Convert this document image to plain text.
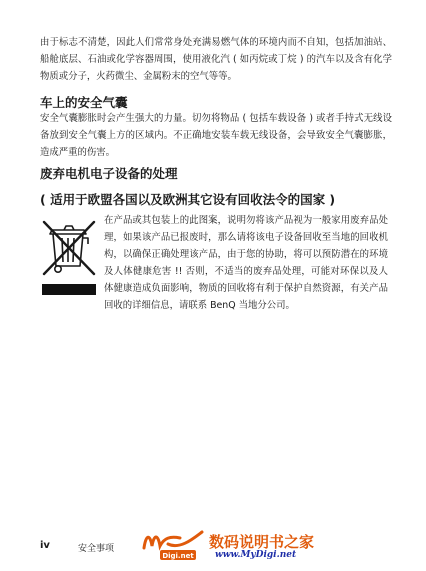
由于标志不清楚，因此人们常常身处充满易燃气体的环境内而不自知，包括加油站、船舱底层、石油或化学容器周围，使用液化汽 ( 如丙烷或丁烷 ) 的汽车以及含有化学物质或分子，火药微尘、金属粉末的空气等等。
车上的安全气囊
安全气囊膨胀时会产生强大的力量。切勿将物品 ( 包括车载设备 ) 或者手持式无线设备放到安全气囊上方的区域内。不正确地安装车载无线设备，会导致安全气囊膨胀，造成严重的伤害。
废弃电机电子设备的处理
( 适用于欧盟各国以及欧洲其它设有回收法令的国家 )
在产品或其包装上的此图案，说明勿将该产品视为一般家用废弃品处理，如果该产品已报废时，那么请将该电子设备回收至当地的回收机构，以确保正确处理该产品，由于您的协助，将可以预防潜在的环境及人体健康危害 !! 否则，不适当的废弃品处理，可能对环保以及人体健康造成负面影响，物质的回收将有利于保护自然资源，有关产品回收的详细信息，请联系 BenQ 当地分公司。
iv	安全事项
Digi.net
数码说明书之家
www.MyDigi.net
